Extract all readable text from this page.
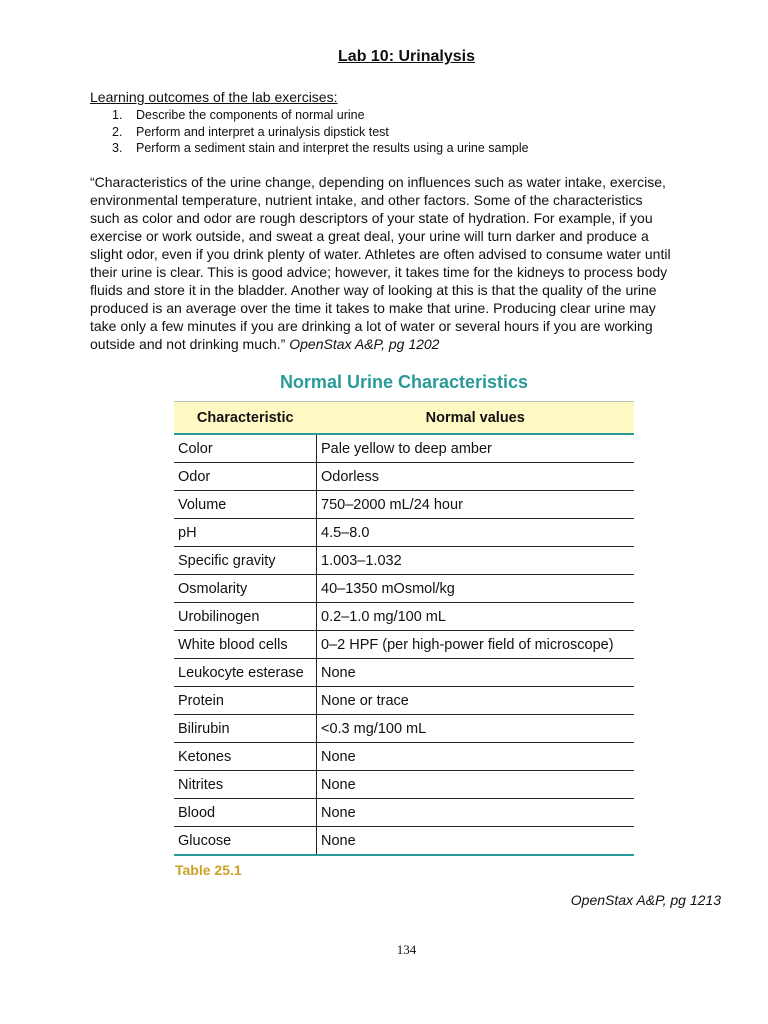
Lab 10: Urinalysis
Learning outcomes of the lab exercises:
1. Describe the components of normal urine
2. Perform and interpret a urinalysis dipstick test
3. Perform a sediment stain and interpret the results using a urine sample

“Characteristics of the urine change, depending on influences such as water intake, exercise,

environmental temperature, nutrient intake, and other factors. Some of the characteristics

such as color and odor are rough descriptors of your state of hydration. For example, if you

exercise or work outside, and sweat a great deal, your urine will turn darker and produce a

slight odor, even if you drink plenty of water. Athletes are often advised to consume water until

their urine is clear. This is good advice; however, it takes time for the kidneys to process body

fluids and store it in the bladder. Another way of looking at this is that the quality of the urine

produced is an average over the time it takes to make that urine. Producing clear urine may

take only a few minutes if you are drinking a lot of water or several hours if you are working

outside and not drinking much.” OpenStax A&P, pg 1202

Normal Urine Characteristics
Characteristic	Normal values
Color	Pale yellow to deep amber
Odor	Odorless
Volume	750–2000 mL/24 hour
pH	4.5–8.0
Specific gravity	1.003–1.032
Osmolarity	40–1350 mOsmol/kg
Urobilinogen	0.2–1.0 mg/100 mL
White blood cells	0–2 HPF (per high-power field of microscope)
Leukocyte esterase	None
Protein	None or trace
Bilirubin	<0.3 mg/100 mL
Ketones	None
Nitrites	None
Blood	None
Glucose	None
Table 25.1
OpenStax A&P, pg 1213
134
